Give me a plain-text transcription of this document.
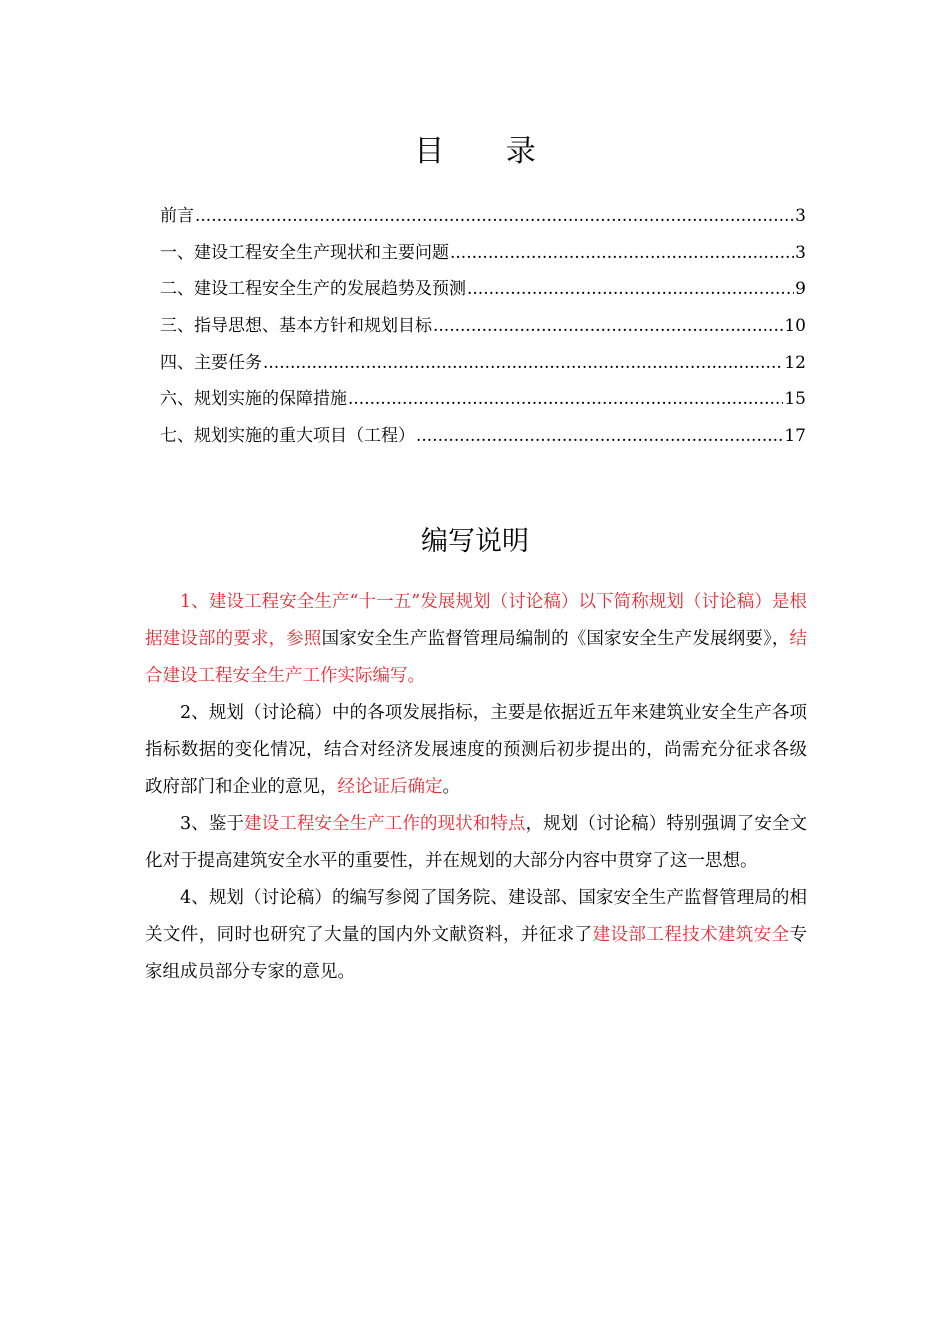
目 录
前言 .....	3
一、建设工程安全生产现状和主要问题 .....	3
二、建设工程安全生产的发展趋势及预测 .....	9
三、指导思想、基本方针和规划目标 .....	10
四、主要任务 .....	12
六、规划实施的保障措施 .....	15
七、规划实施的重大项目（工程） .....	17
编写说明

1、建设工程安全生产“十一五”发展规划（讨论稿）以下简称规划（讨论稿）是根据建设部的要求，参照国家安全生产监督管理局编制的《国家安全生产发展纲要》，结合建设工程安全生产工作实际编写。

2、规划（讨论稿）中的各项发展指标，主要是依据近五年来建筑业安全生产各项指标数据的变化情况，结合对经济发展速度的预测后初步提出的，尚需充分征求各级政府部门和企业的意见，经论证后确定。

3、鉴于建设工程安全生产工作的现状和特点，规划（讨论稿）特别强调了安全文化对于提高建筑安全水平的重要性，并在规划的大部分内容中贯穿了这一思想。

4、规划（讨论稿）的编写参阅了国务院、建设部、国家安全生产监督管理局的相关文件，同时也研究了大量的国内外文献资料，并征求了建设部工程技术建筑安全专家组成员部分专家的意见。
